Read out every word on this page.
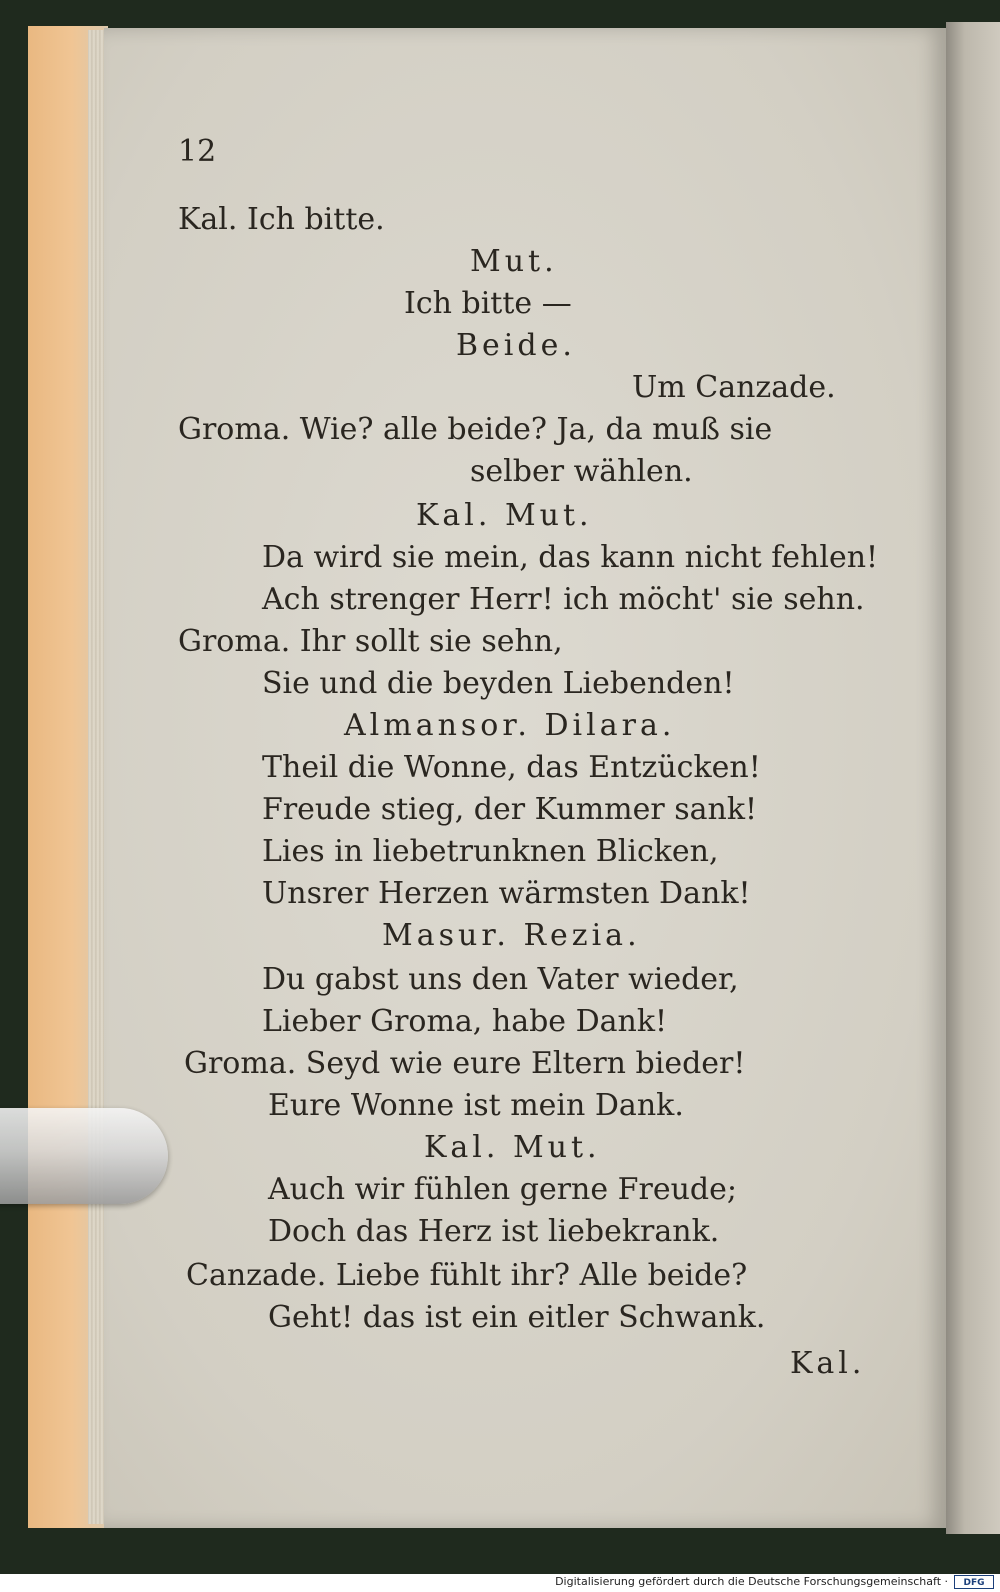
12
Kal. Ich bitte.
Mut.
Ich bitte —
Beide.
Um Canzade.
Groma. Wie? alle beide? Ja, da muß sie
selber wählen.
Kal. Mut.
Da wird sie mein, das kann nicht fehlen!
Ach strenger Herr! ich möcht' sie sehn.
Groma. Ihr sollt sie sehn,
Sie und die beyden Liebenden!
Almansor. Dilara.
Theil die Wonne, das Entzücken!
Freude stieg, der Kummer sank!
Lies in liebetrunknen Blicken,
Unsrer Herzen wärmsten Dank!
Masur. Rezia.
Du gabst uns den Vater wieder,
Lieber Groma, habe Dank!
Groma. Seyd wie eure Eltern bieder!
Eure Wonne ist mein Dank.
Kal. Mut.
Auch wir fühlen gerne Freude;
Doch das Herz ist liebekrank.
Canzade. Liebe fühlt ihr? Alle beide?
Geht! das ist ein eitler Schwank.
Kal.
Digitalisierung gefördert durch die Deutsche Forschungsgemeinschaft ·	DFG
